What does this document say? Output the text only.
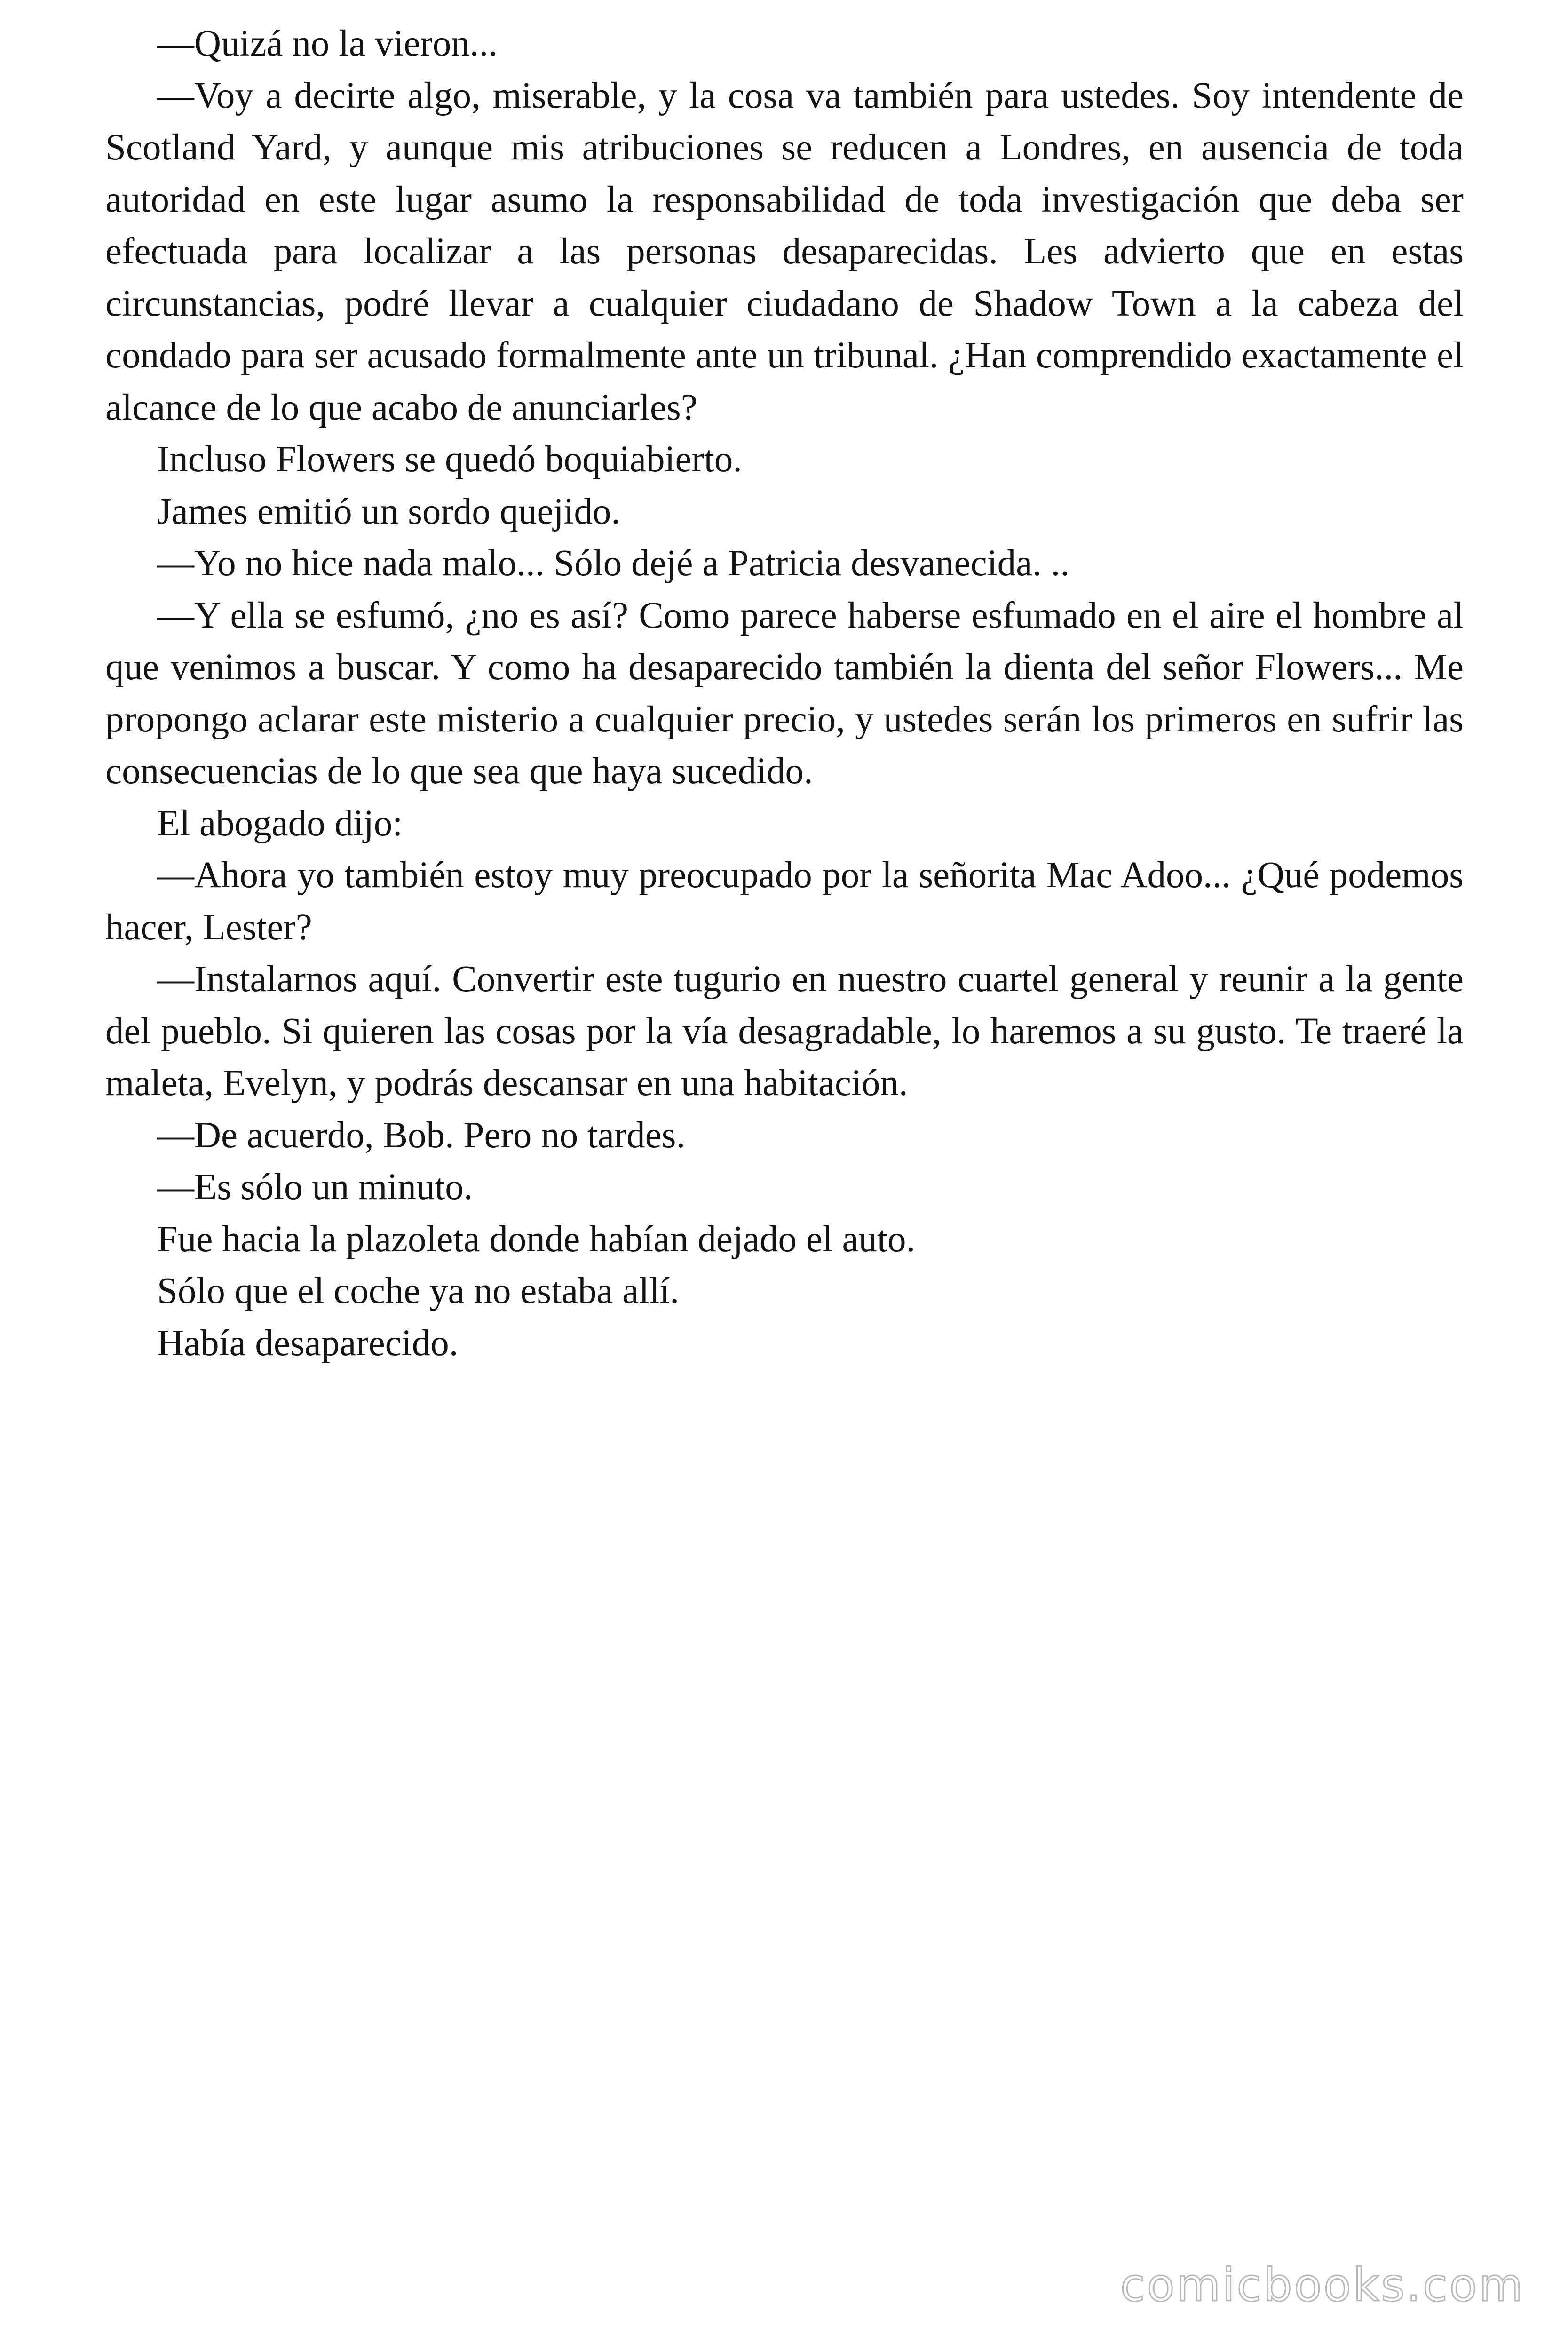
—Quizá no la vieron...

—Voy a decirte algo, miserable, y la cosa va también para ustedes. Soy intendente de Scotland Yard, y aunque mis atribuciones se reducen a Londres, en ausencia de toda autoridad en este lugar asumo la responsabilidad de toda investigación que deba ser efectuada para localizar a las personas desaparecidas. Les advierto que en estas circunstancias, podré llevar a cualquier ciudadano de Shadow Town a la cabeza del condado para ser acusado formalmente ante un tribunal. ¿Han comprendido exactamente el alcance de lo que acabo de anunciarles?

Incluso Flowers se quedó boquiabierto.

James emitió un sordo quejido.

—Yo no hice nada malo... Sólo dejé a Patricia desvanecida. ..

—Y ella se esfumó, ¿no es así? Como parece haberse esfumado en el aire el hombre al que venimos a buscar. Y como ha desaparecido también la dienta del señor Flowers... Me propongo aclarar este misterio a cualquier precio, y ustedes serán los primeros en sufrir las consecuencias de lo que sea que haya sucedido.

El abogado dijo:

—Ahora yo también estoy muy preocupado por la señorita Mac Adoo... ¿Qué podemos hacer, Lester?

—Instalarnos aquí. Convertir este tugurio en nuestro cuartel general y reunir a la gente del pueblo. Si quieren las cosas por la vía desagradable, lo haremos a su gusto. Te traeré la maleta, Evelyn, y podrás descansar en una habitación.

—De acuerdo, Bob. Pero no tardes.

—Es sólo un minuto.

Fue hacia la plazoleta donde habían dejado el auto.

Sólo que el coche ya no estaba allí.

Había desaparecido.

comicbooks.com
